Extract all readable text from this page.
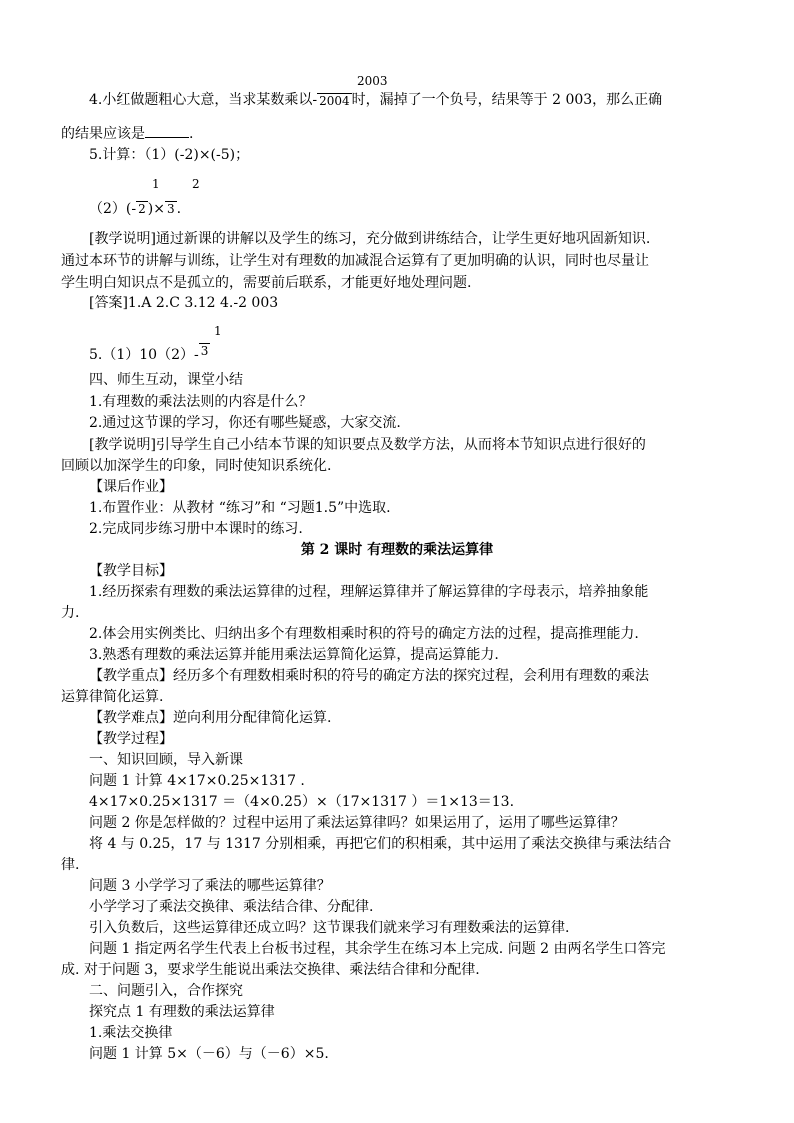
2003
4.小红做题粗心大意，当求某数乘以- 2004 时，漏掉了一个负号，结果等于 2 003，那么正确
的结果应该是	.
5.计算：（1）(-2)×(-5)；
1	2
（2）(- 2 )× 3 .
[教学说明]通过新课的讲解以及学生的练习，充分做到讲练结合，让学生更好地巩固新知识.
通过本环节的讲解与训练，让学生对有理数的加减混合运算有了更加明确的认识，同时也尽量让
学生明白知识点不是孤立的，需要前后联系，才能更好地处理问题.
[答案]1.A 2.C 3.12 4.-2 003
1
5.（1）10（2）- 3
四、师生互动，课堂小结
1.有理数的乘法法则的内容是什么？
2.通过这节课的学习，你还有哪些疑惑，大家交流.
[教学说明]引导学生自己小结本节课的知识要点及数学方法，从而将本节知识点进行很好的
回顾以加深学生的印象，同时使知识系统化.
【课后作业】
1.布置作业：从教材 “练习”和 “习题1.5”中选取.
2.完成同步练习册中本课时的练习.
第 2 课时 有理数的乘法运算律
【教学目标】
1.经历探索有理数的乘法运算律的过程，理解运算律并了解运算律的字母表示，培养抽象能
力.
2.体会用实例类比、归纳出多个有理数相乘时积的符号的确定方法的过程，提高推理能力.
3.熟悉有理数的乘法运算并能用乘法运算简化运算，提高运算能力.
【教学重点】经历多个有理数相乘时积的符号的确定方法的探究过程，会利用有理数的乘法
运算律简化运算.
【教学难点】逆向利用分配律简化运算.
【教学过程】
一、知识回顾，导入新课
问题 1 计算 4×17×0.25×1317 .
4×17×0.25×1317 ＝（4×0.25）×（17×1317 ）＝1×13＝13.
问题 2 你是怎样做的？过程中运用了乘法运算律吗？如果运用了，运用了哪些运算律？
将 4 与 0.25，17 与 1317 分别相乘，再把它们的积相乘，其中运用了乘法交换律与乘法结合
律.
问题 3 小学学习了乘法的哪些运算律？
小学学习了乘法交换律、乘法结合律、分配律.
引入负数后，这些运算律还成立吗？这节课我们就来学习有理数乘法的运算律.
问题 1 指定两名学生代表上台板书过程，其余学生在练习本上完成. 问题 2 由两名学生口答完
成. 对于问题 3，要求学生能说出乘法交换律、乘法结合律和分配律.
二、问题引入，合作探究
探究点 1 有理数的乘法运算律
1.乘法交换律
问题 1 计算 5×（－6）与（－6）×5.
